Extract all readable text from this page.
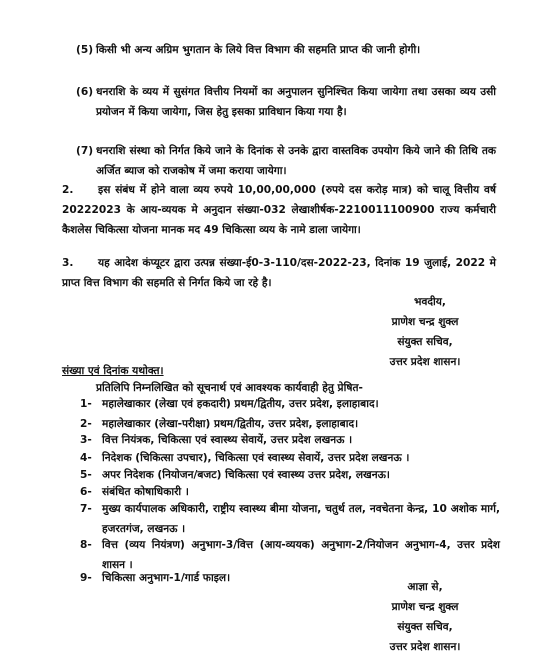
(5) किसी भी अन्य अग्रिम भुगतान के लिये वित्त विभाग की सहमति प्राप्त की जानी होगी।
(6) धनराशि के व्यय में सुसंगत वित्तीय नियमों का अनुपालन सुनिश्चित किया जायेगा तथा उसका व्यय उसी प्रयोजन में किया जायेगा, जिस हेतु इसका प्राविधान किया गया है।
(7) धनराशि संस्था को निर्गत किये जाने के दिनांक से उनके द्वारा वास्तविक उपयोग किये जाने की तिथि तक अर्जित ब्याज को राजकोष में जमा कराया जायेगा।
2.	इस संबंध में होने वाला व्यय रुपये 10,00,00,000 (रुपये दस करोड़ मात्र) को चालू वित्तीय वर्ष 20222023 के आय-व्ययक मे अनुदान संख्या-032 लेखाशीर्षक-2210011100900 राज्य कर्मचारी कैशलेस चिकित्सा योजना मानक मद 49 चिकित्सा व्यय के नामे डाला जायेगा।
3.	यह आदेश कंप्यूटर द्वारा उत्पन्न संख्या-ई0-3-110/दस-2022-23, दिनांक 19 जुलाई, 2022 मे प्राप्त वित्त विभाग की सहमति से निर्गत किये जा रहे है।
भवदीय,
प्राणेश चन्द्र शुक्ल
संयुक्त सचिव,
उत्तर प्रदेश शासन।
संख्या एवं दिनांक यथोक्त।
प्रतिलिपि निम्नलिखित को सूचनार्थ एवं आवश्यक कार्यवाही हेतु प्रेषित-
1- महालेखाकार (लेखा एवं हकदारी) प्रथम/द्वितीय, उत्तर प्रदेश, इलाहाबाद।
2- महालेखाकार (लेखा-परीक्षा) प्रथम/द्वितीय, उत्तर प्रदेश, इलाहाबाद।
3- वित्त नियंत्रक, चिकित्सा एवं स्वास्थ्य सेवायें, उत्तर प्रदेश लखनऊ ।
4- निदेशक (चिकित्सा उपचार), चिकित्सा एवं स्वास्थ्य सेवायें, उत्तर प्रदेश लखनऊ ।
5- अपर निदेशक (नियोजन/बजट) चिकित्सा एवं स्वास्थ्य उत्तर प्रदेश, लखनऊ।
6- संबंधित कोषाधिकारी ।
7- मुख्य कार्यपालक अधिकारी, राष्ट्रीय स्वास्थ्य बीमा योजना, चतुर्थ तल, नवचेतना केन्द्र, 10 अशोक मार्ग, हजरतगंज, लखनऊ ।
8- वित्त (व्यय नियंत्रण) अनुभाग-3/वित्त (आय-व्ययक) अनुभाग-2/नियोजन अनुभाग-4, उत्तर प्रदेश शासन ।
9- चिकित्सा अनुभाग-1/गार्ड फाइल।
आज्ञा से,
प्राणेश चन्द्र शुक्ल
संयुक्त सचिव,
उत्तर प्रदेश शासन।
